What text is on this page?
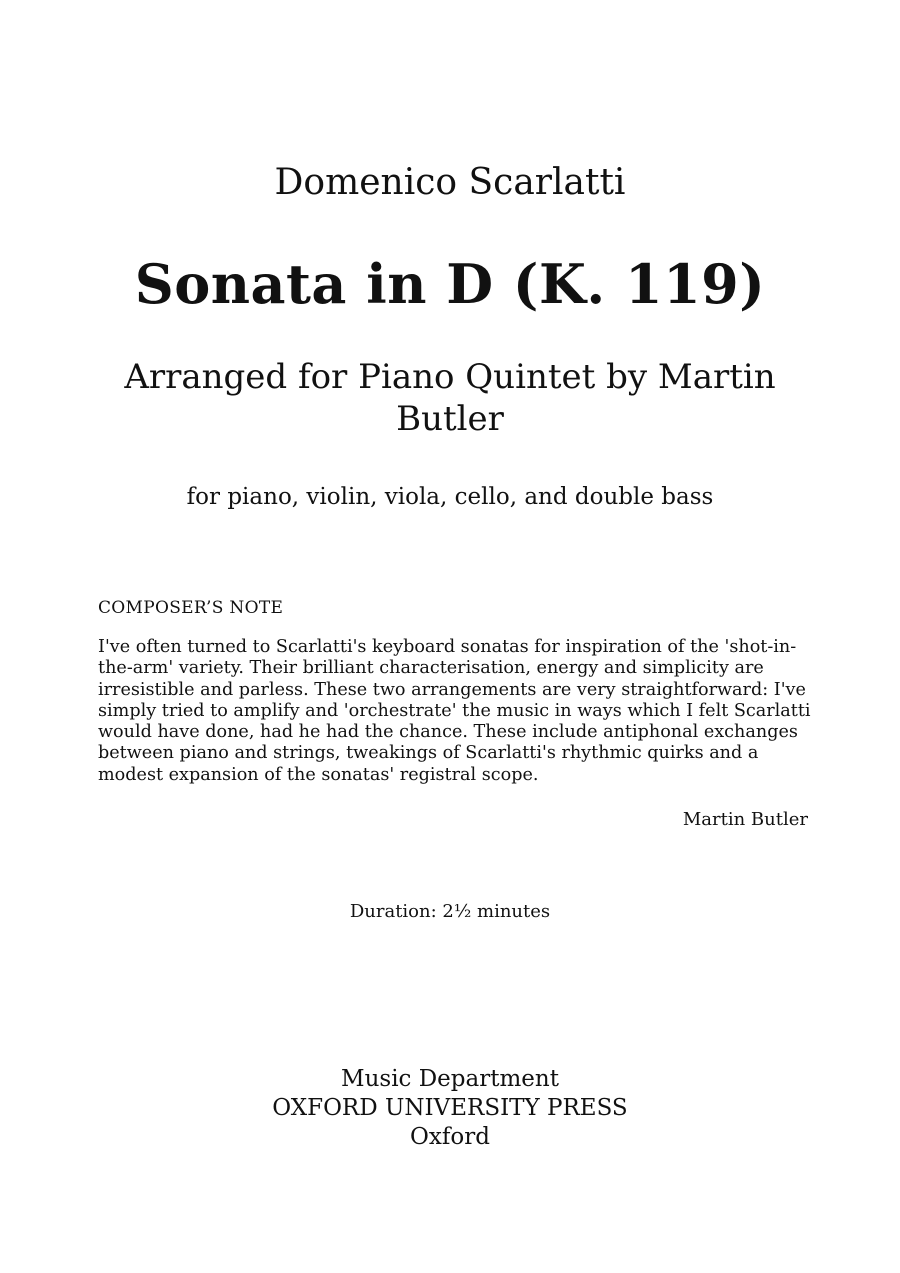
Domenico Scarlatti
Sonata in D (K. 119)
Arranged for Piano Quintet by Martin Butler
for piano, violin, viola, cello, and double bass
COMPOSER’S NOTE
I've often turned to Scarlatti's keyboard sonatas for inspiration of the 'shot-in-the-arm' variety. Their brilliant characterisation, energy and simplicity are irresistible and parless. These two arrangements are very straightforward: I've simply tried to amplify and 'orchestrate' the music in ways which I felt Scarlatti would have done, had he had the chance. These include antiphonal exchanges between piano and strings, tweakings of Scarlatti's rhythmic quirks and a modest expansion of the sonatas' registral scope.
Martin Butler
Duration: 2½ minutes
Music Department
OXFORD UNIVERSITY PRESS
Oxford
